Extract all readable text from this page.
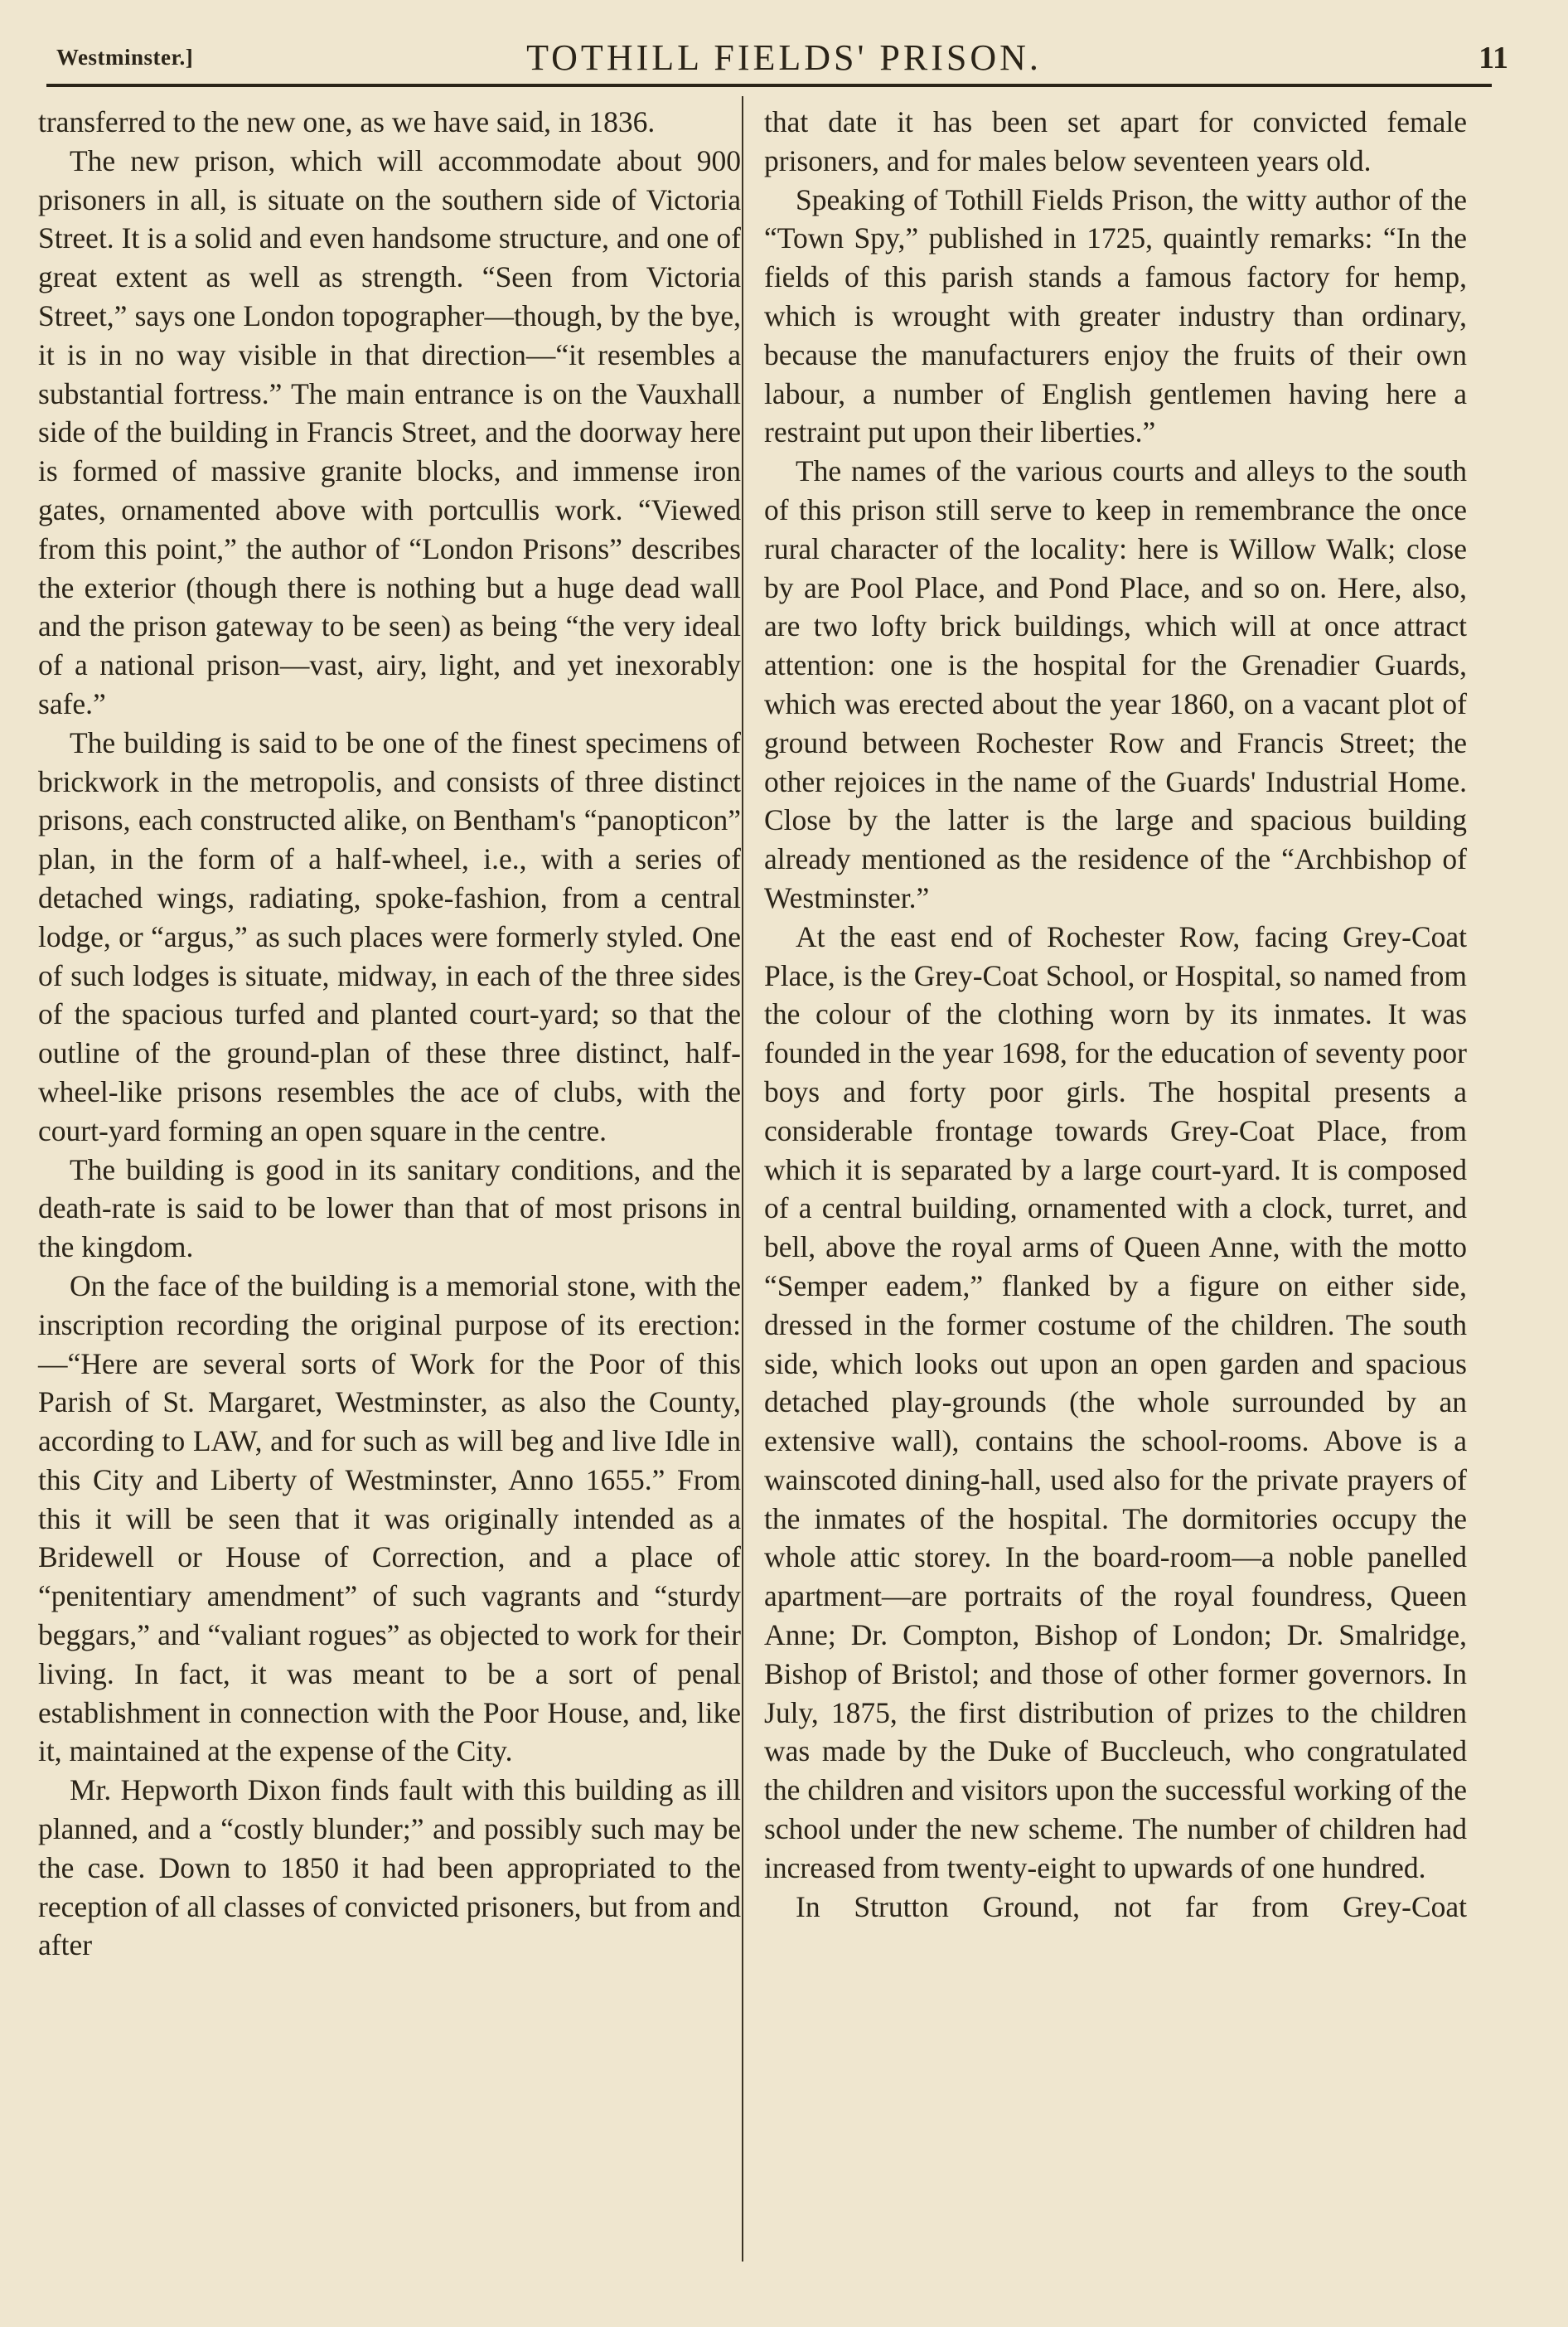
Westminster.]	TOTHILL FIELDS' PRISON.	11

transferred to the new one, as we have said, in 1836.

The new prison, which will accommodate about 900 prisoners in all, is situate on the southern side of Victoria Street. It is a solid and even handsome structure, and one of great extent as well as strength. “Seen from Victoria Street,” says one London topographer—though, by the bye, it is in no way visible in that direction—“it resembles a substantial fortress.” The main entrance is on the Vauxhall side of the building in Francis Street, and the doorway here is formed of massive granite blocks, and immense iron gates, ornamented above with portcullis work. “Viewed from this point,” the author of “London Prisons” describes the exterior (though there is nothing but a huge dead wall and the prison gateway to be seen) as being “the very ideal of a national prison—vast, airy, light, and yet inexorably safe.”

The building is said to be one of the finest specimens of brickwork in the metropolis, and consists of three distinct prisons, each constructed alike, on Bentham's “panopticon” plan, in the form of a half-wheel, i.e., with a series of detached wings, radiating, spoke-fashion, from a central lodge, or “argus,” as such places were formerly styled. One of such lodges is situate, midway, in each of the three sides of the spacious turfed and planted court-yard; so that the outline of the ground-plan of these three distinct, half-wheel-like prisons resembles the ace of clubs, with the court-yard forming an open square in the centre.

The building is good in its sanitary conditions, and the death-rate is said to be lower than that of most prisons in the kingdom.

On the face of the building is a memorial stone, with the inscription recording the original purpose of its erection:—“Here are several sorts of Work for the Poor of this Parish of St. Margaret, Westminster, as also the County, according to LAW, and for such as will beg and live Idle in this City and Liberty of Westminster, Anno 1655.” From this it will be seen that it was originally intended as a Bridewell or House of Correction, and a place of “penitentiary amendment” of such vagrants and “sturdy beggars,” and “valiant rogues” as objected to work for their living. In fact, it was meant to be a sort of penal establishment in connection with the Poor House, and, like it, maintained at the expense of the City.

Mr. Hepworth Dixon finds fault with this building as ill planned, and a “costly blunder;” and possibly such may be the case. Down to 1850 it had been appropriated to the reception of all classes of convicted prisoners, but from and after

that date it has been set apart for convicted female prisoners, and for males below seventeen years old.

Speaking of Tothill Fields Prison, the witty author of the “Town Spy,” published in 1725, quaintly remarks: “In the fields of this parish stands a famous factory for hemp, which is wrought with greater industry than ordinary, because the manufacturers enjoy the fruits of their own labour, a number of English gentlemen having here a restraint put upon their liberties.”

The names of the various courts and alleys to the south of this prison still serve to keep in remembrance the once rural character of the locality: here is Willow Walk; close by are Pool Place, and Pond Place, and so on. Here, also, are two lofty brick buildings, which will at once attract attention: one is the hospital for the Grenadier Guards, which was erected about the year 1860, on a vacant plot of ground between Rochester Row and Francis Street; the other rejoices in the name of the Guards' Industrial Home. Close by the latter is the large and spacious building already mentioned as the residence of the “Archbishop of Westminster.”

At the east end of Rochester Row, facing Grey-Coat Place, is the Grey-Coat School, or Hospital, so named from the colour of the clothing worn by its inmates. It was founded in the year 1698, for the education of seventy poor boys and forty poor girls. The hospital presents a considerable frontage towards Grey-Coat Place, from which it is separated by a large court-yard. It is composed of a central building, ornamented with a clock, turret, and bell, above the royal arms of Queen Anne, with the motto “Semper eadem,” flanked by a figure on either side, dressed in the former costume of the children. The south side, which looks out upon an open garden and spacious detached play-grounds (the whole surrounded by an extensive wall), contains the school-rooms. Above is a wainscoted dining-hall, used also for the private prayers of the inmates of the hospital. The dormitories occupy the whole attic storey. In the board-room—a noble panelled apartment—are portraits of the royal foundress, Queen Anne; Dr. Compton, Bishop of London; Dr. Smalridge, Bishop of Bristol; and those of other former governors. In July, 1875, the first distribution of prizes to the children was made by the Duke of Buccleuch, who congratulated the children and visitors upon the successful working of the school under the new scheme. The number of children had increased from twenty-eight to upwards of one hundred.

In Strutton Ground, not far from Grey-Coat
